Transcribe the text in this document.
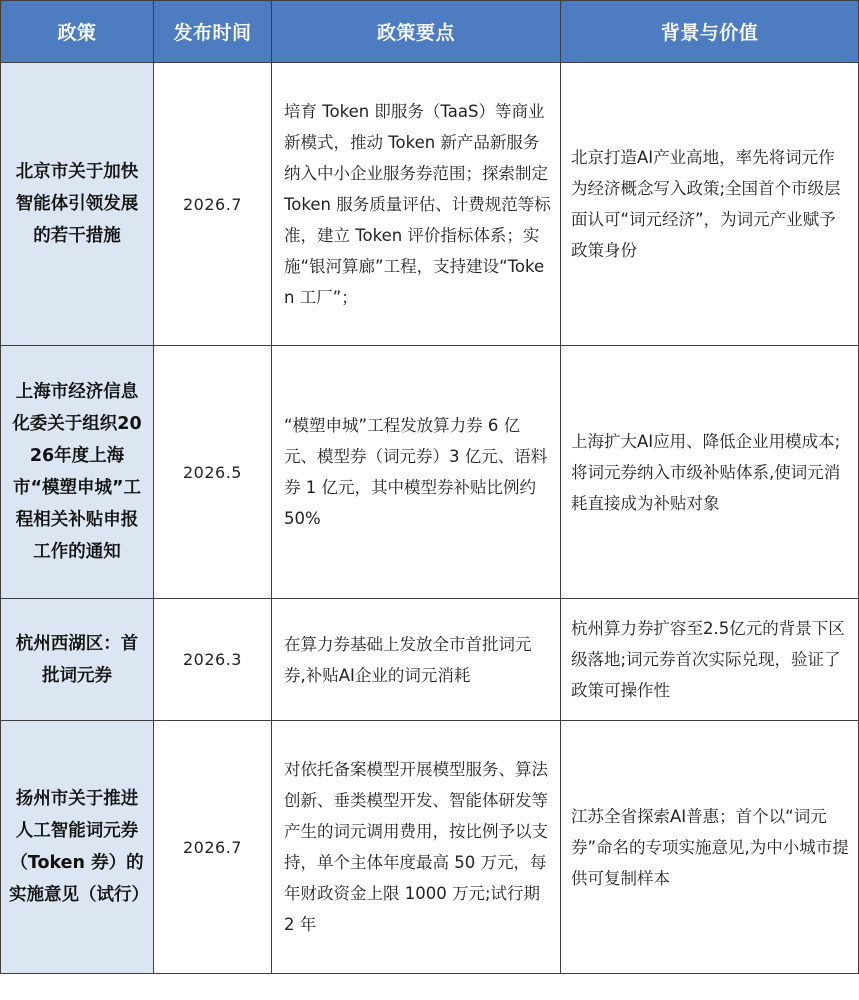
政策	发布时间	政策要点	背景与价值
北京市关于加快智能体引领发展的若干措施	2026.7	培育 Token 即服务（TaaS）等商业新模式，推动 Token 新产品新服务纳入中小企业服务券范围；探索制定 Token 服务质量评估、计费规范等标准，建立 Token 评价指标体系；实施“银河算廊”工程，支持建设“Token 工厂”；	北京打造AI产业高地，率先将词元作为经济概念写入政策;全国首个市级层面认可“词元经济”，为词元产业赋予政策身份
上海市经济信息化委关于组织2026年度上海市“模塑申城”工程相关补贴申报工作的通知	2026.5	“模塑申城”工程发放算力券 6 亿元、模型券（词元券）3 亿元、语料券 1 亿元，其中模型券补贴比例约 50%	上海扩大AI应用、降低企业用模成本;将词元券纳入市级补贴体系,使词元消耗直接成为补贴对象
杭州西湖区：首批词元券	2026.3	在算力券基础上发放全市首批词元券,补贴AI企业的词元消耗	杭州算力券扩容至2.5亿元的背景下区级落地;词元券首次实际兑现，验证了政策可操作性
扬州市关于推进人工智能词元券（Token 券）的实施意见（试行）	2026.7	对依托备案模型开展模型服务、算法创新、垂类模型开发、智能体研发等产生的词元调用费用，按比例予以支持，单个主体年度最高 50 万元，每年财政资金上限 1000 万元;试行期 2 年	江苏全省探索AI普惠；首个以“词元券”命名的专项实施意见,为中小城市提供可复制样本
